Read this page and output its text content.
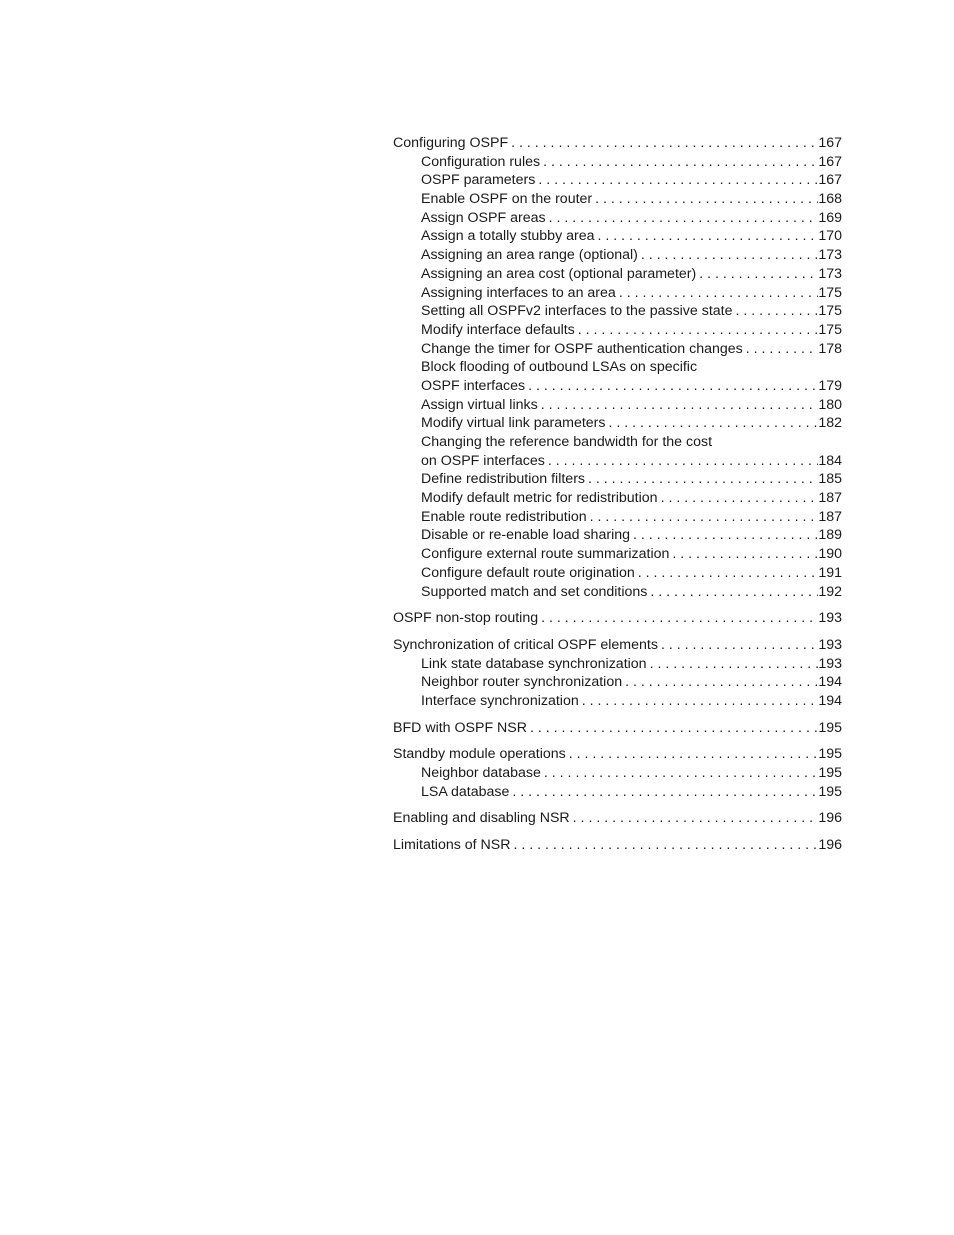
Configuring OSPF . . .	167
Configuration rules . . .	167
OSPF parameters . . .	167
Enable OSPF on the router . . .	168
Assign OSPF areas . . .	169
Assign a totally stubby area . . .	170
Assigning an area range (optional) . . .	173
Assigning an area cost (optional parameter) . . .	173
Assigning interfaces to an area . . .	175
Setting all OSPFv2 interfaces to the passive state . . .	175
Modify interface defaults . . .	175
Change the timer for OSPF authentication changes . . .	178
Block flooding of outbound LSAs on specific
OSPF interfaces . . .	179
Assign virtual links . . .	180
Modify virtual link parameters . . .	182
Changing the reference bandwidth for the cost
on OSPF interfaces . . .	184
Define redistribution filters . . .	185
Modify default metric for redistribution . . .	187
Enable route redistribution . . .	187
Disable or re-enable load sharing . . .	189
Configure external route summarization . . .	190
Configure default route origination . . .	191
Supported match and set conditions . . .	192
OSPF non-stop routing . . .	193
Synchronization of critical OSPF elements . . .	193
Link state database synchronization . . .	193
Neighbor router synchronization . . .	194
Interface synchronization . . .	194
BFD with OSPF NSR . . .	195
Standby module operations . . .	195
Neighbor database . . .	195
LSA database . . .	195
Enabling and disabling NSR . . .	196
Limitations of NSR . . .	196
